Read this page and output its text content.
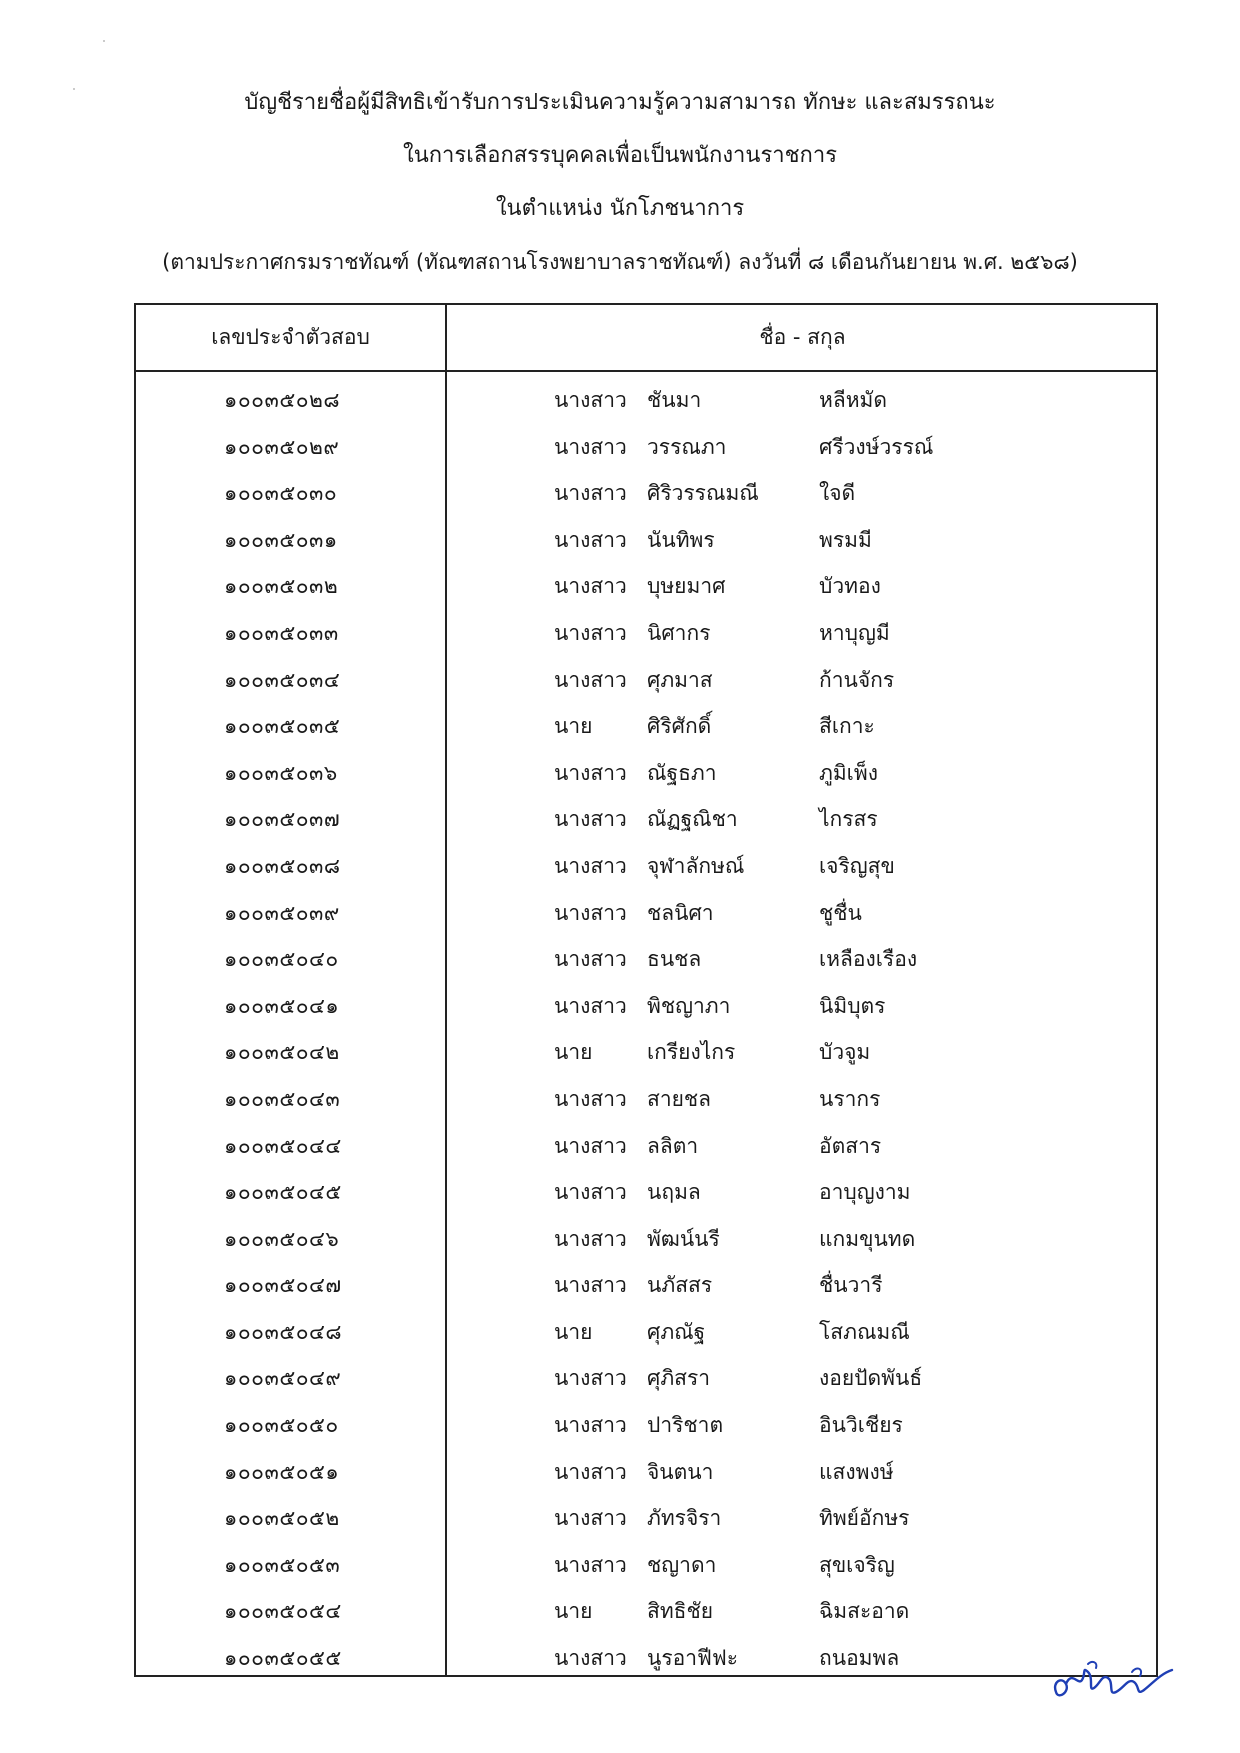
บัญชีรายชื่อผู้มีสิทธิเข้ารับการประเมินความรู้ความสามารถ ทักษะ และสมรรถนะ
ในการเลือกสรรบุคคลเพื่อเป็นพนักงานราชการ
ในตำแหน่ง นักโภชนาการ
(ตามประกาศกรมราชทัณฑ์ (ทัณฑสถานโรงพยาบาลราชทัณฑ์) ลงวันที่ ๘ เดือนกันยายน พ.ศ. ๒๕๖๘)
เลขประจำตัวสอบ	ชื่อ - สกุล
๑๐๐๓๕๐๒๘	นางสาว ชันมา	หลีหมัด
๑๐๐๓๕๐๒๙	นางสาว วรรณภา	ศรีวงษ์วรรณ์
๑๐๐๓๕๐๓๐	นางสาว ศิริวรรณมณี	ใจดี
๑๐๐๓๕๐๓๑	นางสาว นันทิพร	พรมมี
๑๐๐๓๕๐๓๒	นางสาว บุษยมาศ	บัวทอง
๑๐๐๓๕๐๓๓	นางสาว นิศากร	หาบุญมี
๑๐๐๓๕๐๓๔	นางสาว ศุภมาส	ก้านจักร
๑๐๐๓๕๐๓๕	นาย	ศิริศักดิ์	สีเกาะ
๑๐๐๓๕๐๓๖	นางสาว ณัฐธภา	ภูมิเพ็ง
๑๐๐๓๕๐๓๗	นางสาว ณัฏฐณิชา	ไกรสร
๑๐๐๓๕๐๓๘	นางสาว จุฬาลักษณ์	เจริญสุข
๑๐๐๓๕๐๓๙	นางสาว ชลนิศา	ชูชื่น
๑๐๐๓๕๐๔๐	นางสาว ธนชล	เหลืองเรือง
๑๐๐๓๕๐๔๑	นางสาว พิชญาภา	นิมิบุตร
๑๐๐๓๕๐๔๒	นาย	เกรียงไกร	บัวจูม
๑๐๐๓๕๐๔๓	นางสาว สายชล	นรากร
๑๐๐๓๕๐๔๔	นางสาว ลลิตา	อัตสาร
๑๐๐๓๕๐๔๕	นางสาว นฤมล	อาบุญงาม
๑๐๐๓๕๐๔๖	นางสาว พัฒน์นรี	แกมขุนทด
๑๐๐๓๕๐๔๗	นางสาว นภัสสร	ชื่นวารี
๑๐๐๓๕๐๔๘	นาย	ศุภณัฐ	โสภณมณี
๑๐๐๓๕๐๔๙	นางสาว ศุภิสรา	งอยปัดพันธ์
๑๐๐๓๕๐๕๐	นางสาว ปาริชาต	อินวิเชียร
๑๐๐๓๕๐๕๑	นางสาว จินตนา	แสงพงษ์
๑๐๐๓๕๐๕๒	นางสาว ภัทรจิรา	ทิพย์อักษร
๑๐๐๓๕๐๕๓	นางสาว ชญาดา	สุขเจริญ
๑๐๐๓๕๐๕๔	นาย	สิทธิชัย	ฉิมสะอาด
๑๐๐๓๕๐๕๕	นางสาว นูรอาฟีฟะ	ถนอมพล
